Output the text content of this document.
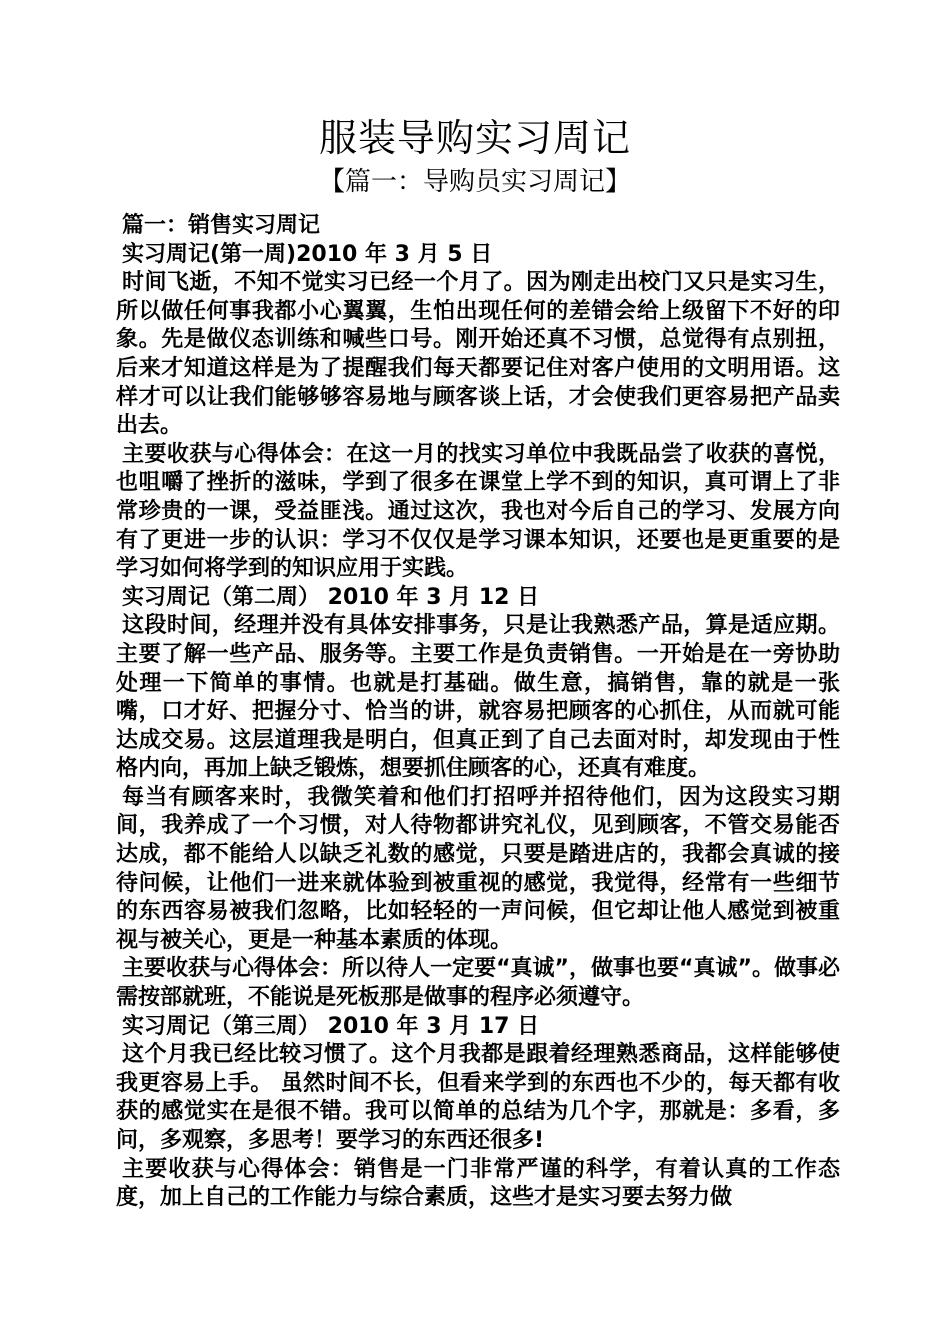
服装导购实习周记
【篇一：导购员实习周记】

篇一：销售实习周记

实习周记(第一周)2010 年 3 月 5 日

时间飞逝，不知不觉实习已经一个月了。因为刚走出校门又只是实习生，所以做任何事我都小心翼翼，生怕出现任何的差错会给上级留下不好的印象。先是做仪态训练和喊些口号。刚开始还真不习惯，总觉得有点别扭，后来才知道这样是为了提醒我们每天都要记住对客户使用的文明用语。这样才可以让我们能够够容易地与顾客谈上话，才会使我们更容易把产品卖出去。

主要收获与心得体会：在这一月的找实习单位中我既品尝了收获的喜悦，也咀嚼了挫折的滋味，学到了很多在课堂上学不到的知识，真可谓上了非常珍贵的一课，受益匪浅。通过这次，我也对今后自己的学习、发展方向有了更进一步的认识：学习不仅仅是学习课本知识，还要也是更重要的是学习如何将学到的知识应用于实践。

实习周记（第二周） 2010 年 3 月 12 日

这段时间，经理并没有具体安排事务，只是让我熟悉产品，算是适应期。主要了解一些产品、服务等。主要工作是负责销售。一开始是在一旁协助处理一下简单的事情。也就是打基础。做生意，搞销售，靠的就是一张嘴，口才好、把握分寸、恰当的讲，就容易把顾客的心抓住，从而就可能达成交易。这层道理我是明白，但真正到了自己去面对时，却发现由于性格内向，再加上缺乏锻炼，想要抓住顾客的心，还真有难度。

每当有顾客来时，我微笑着和他们打招呼并招待他们，因为这段实习期间，我养成了一个习惯，对人待物都讲究礼仪，见到顾客，不管交易能否达成，都不能给人以缺乏礼数的感觉，只要是踏进店的，我都会真诚的接待问候，让他们一进来就体验到被重视的感觉，我觉得，经常有一些细节的东西容易被我们忽略，比如轻轻的一声问候，但它却让他人感觉到被重视与被关心，更是一种基本素质的体现。

主要收获与心得体会：所以待人一定要“真诚”，做事也要“真诚”。做事必需按部就班，不能说是死板那是做事的程序必须遵守。

实习周记（第三周） 2010 年 3 月 17 日

这个月我已经比较习惯了。这个月我都是跟着经理熟悉商品，这样能够使我更容易上手。 虽然时间不长，但看来学到的东西也不少的，每天都有收获的感觉实在是很不错。我可以简单的总结为几个字，那就是：多看，多问，多观察，多思考！要学习的东西还很多!

主要收获与心得体会：销售是一门非常严谨的科学，有着认真的工作态度，加上自己的工作能力与综合素质，这些才是实习要去努力做
